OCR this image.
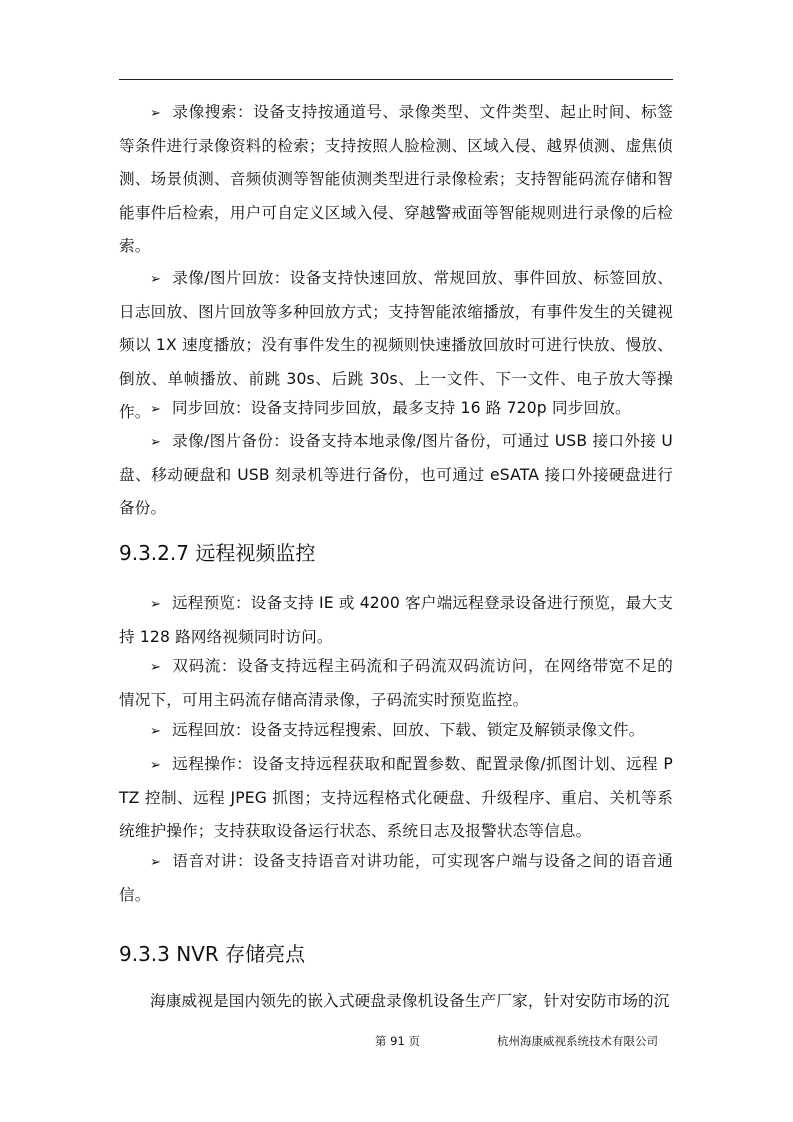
➢ 录像搜索：设备支持按通道号、录像类型、文件类型、起止时间、标签等条件进行录像资料的检索；支持按照人脸检测、区域入侵、越界侦测、虚焦侦测、场景侦测、音频侦测等智能侦测类型进行录像检索；支持智能码流存储和智能事件后检索，用户可自定义区域入侵、穿越警戒面等智能规则进行录像的后检索。

➢ 录像/图片回放：设备支持快速回放、常规回放、事件回放、标签回放、日志回放、图片回放等多种回放方式；支持智能浓缩播放，有事件发生的关键视频以 1X 速度播放；没有事件发生的视频则快速播放回放时可进行快放、慢放、倒放、单帧播放、前跳 30s、后跳 30s、上一文件、下一文件、电子放大等操作。 ➢ 同步回放：设备支持同步回放，最多支持 16 路 720p 同步回放。

➢ 录像/图片备份：设备支持本地录像/图片备份，可通过 USB 接口外接 U 盘、移动硬盘和 USB 刻录机等进行备份，也可通过 eSATA 接口外接硬盘进行备份。

9.3.2.7 远程视频监控

➢ 远程预览：设备支持 IE 或 4200 客户端远程登录设备进行预览，最大支持 128 路网络视频同时访问。

➢ 双码流：设备支持远程主码流和子码流双码流访问，在网络带宽不足的情况下，可用主码流存储高清录像，子码流实时预览监控。

➢ 远程回放：设备支持远程搜索、回放、下载、锁定及解锁录像文件。

➢ 远程操作：设备支持远程获取和配置参数、配置录像/抓图计划、远程 PTZ 控制、远程 JPEG 抓图；支持远程格式化硬盘、升级程序、重启、关机等系统维护操作；支持获取设备运行状态、系统日志及报警状态等信息。

➢ 语音对讲：设备支持语音对讲功能，可实现客户端与设备之间的语音通信。

9.3.3 NVR 存储亮点

海康威视是国内领先的嵌入式硬盘录像机设备生产厂家，针对安防市场的沉

第 91 页	杭州海康威视系统技术有限公司
